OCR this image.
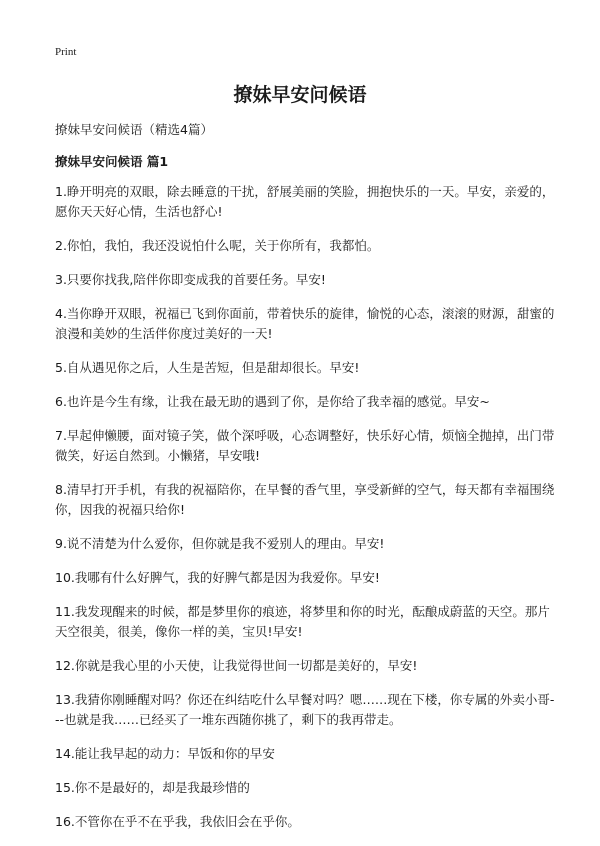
Print
撩妹早安问候语
撩妹早安问候语（精选4篇）
撩妹早安问候语 篇1
1.睁开明亮的双眼，除去睡意的干扰，舒展美丽的笑脸，拥抱快乐的一天。早安，亲爱的，愿你天天好心情，生活也舒心!
2.你怕，我怕，我还没说怕什么呢，关于你所有，我都怕。
3.只要你找我,陪伴你即变成我的首要任务。早安!
4.当你睁开双眼，祝福已飞到你面前，带着快乐的旋律，愉悦的心态，滚滚的财源，甜蜜的浪漫和美妙的生活伴你度过美好的一天!
5.自从遇见你之后，人生是苦短，但是甜却很长。早安!
6.也许是今生有缘，让我在最无助的遇到了你，是你给了我幸福的感觉。早安~
7.早起伸懒腰，面对镜子笑，做个深呼吸，心态调整好，快乐好心情，烦恼全抛掉，出门带微笑，好运自然到。小懒猪，早安哦!
8.清早打开手机，有我的祝福陪你，在早餐的香气里，享受新鲜的空气，每天都有幸福围绕你，因我的祝福只给你!
9.说不清楚为什么爱你，但你就是我不爱别人的理由。早安!
10.我哪有什么好脾气，我的好脾气都是因为我爱你。早安!
11.我发现醒来的时候，都是梦里你的痕迹，将梦里和你的时光，酝酿成蔚蓝的天空。那片天空很美，很美，像你一样的美，宝贝!早安!
12.你就是我心里的小天使，让我觉得世间一切都是美好的，早安!
13.我猜你刚睡醒对吗？你还在纠结吃什么早餐对吗？嗯……现在下楼，你专属的外卖小哥---也就是我……已经买了一堆东西随你挑了，剩下的我再带走。
14.能让我早起的动力：早饭和你的早安
15.你不是最好的，却是我最珍惜的
16.不管你在乎不在乎我，我依旧会在乎你。
